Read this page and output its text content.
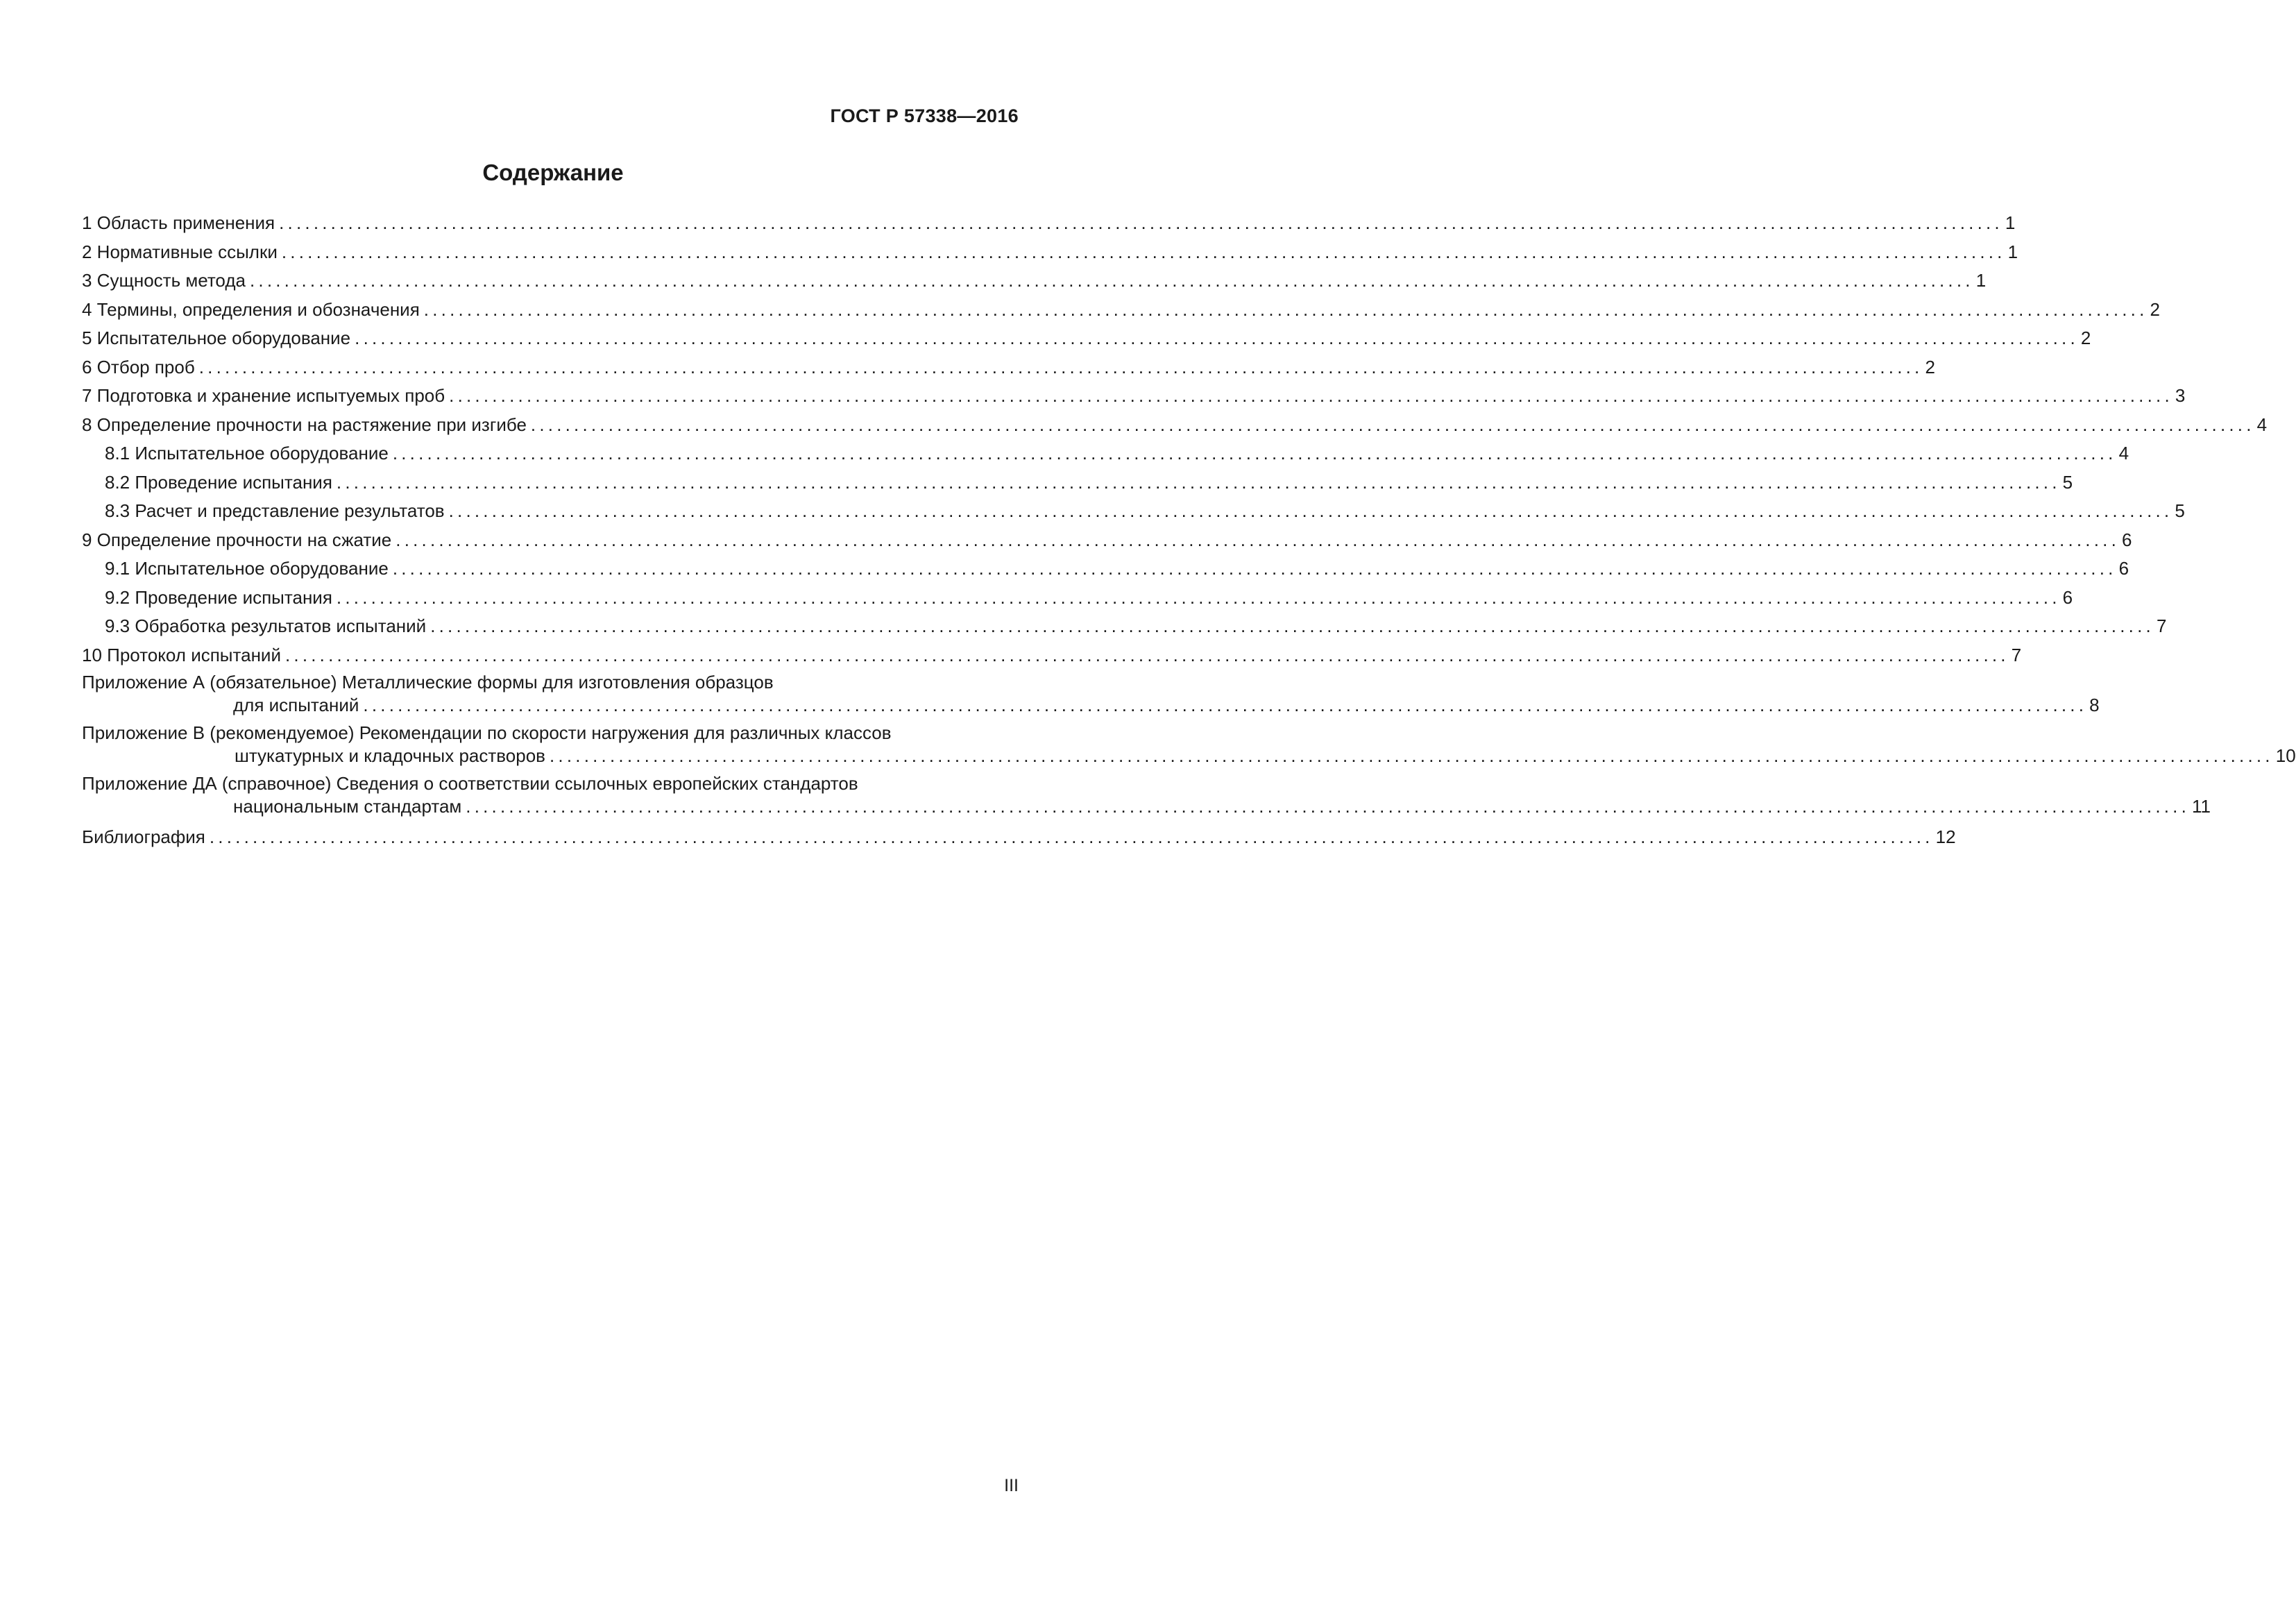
ГОСТ Р 57338—2016
Содержание
1 Область применения ........................................................................................................................................................................................................ 1
2 Нормативные ссылки ........................................................................................................................................................................................................ 1
3 Сущность метода ........................................................................................................................................................................................................ 1
4 Термины, определения и обозначения ........................................................................................................................................................................................................ 2
5 Испытательное оборудование ........................................................................................................................................................................................................ 2
6 Отбор проб ........................................................................................................................................................................................................ 2
7 Подготовка и хранение испытуемых проб ........................................................................................................................................................................................................ 3
8 Определение прочности на растяжение при изгибе ........................................................................................................................................................................................................ 4
8.1 Испытательное оборудование ........................................................................................................................................................................................................ 4
8.2 Проведение испытания ........................................................................................................................................................................................................ 5
8.3 Расчет и представление результатов ........................................................................................................................................................................................................ 5
9 Определение прочности на сжатие ........................................................................................................................................................................................................ 6
9.1 Испытательное оборудование ........................................................................................................................................................................................................ 6
9.2 Проведение испытания ........................................................................................................................................................................................................ 6
9.3 Обработка результатов испытаний ........................................................................................................................................................................................................ 7
10 Протокол испытаний ........................................................................................................................................................................................................ 7
Приложение А (обязательное) Металлические формы для изготовления образцов
для испытаний ........................................................................................................................................................................................................ 8
Приложение В (рекомендуемое) Рекомендации по скорости нагружения для различных классов
штукатурных и кладочных растворов ........................................................................................................................................................................................................ 10
Приложение ДА (справочное) Сведения о соответствии ссылочных европейских стандартов
национальным стандартам ........................................................................................................................................................................................................ 11
Библиография ........................................................................................................................................................................................................ 12
III
